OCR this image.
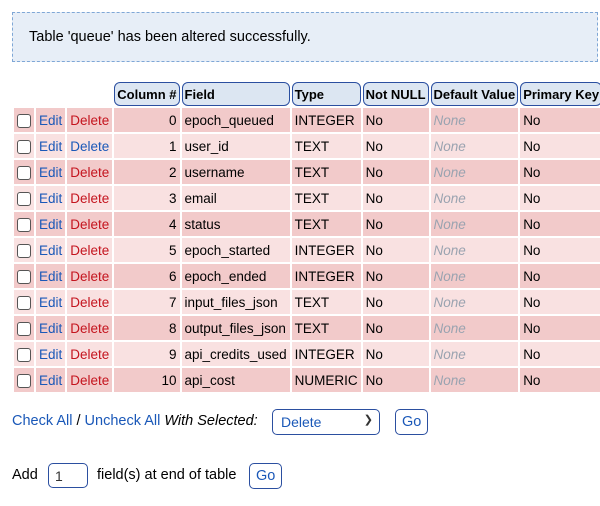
Table 'queue' has been altered successfully.
			Column #	Field	Type	Not NULL	Default Value	Primary Key
	Edit	Delete	0	epoch_queued	INTEGER	No	None	No
	Edit	Delete	1	user_id	TEXT	No	None	No
	Edit	Delete	2	username	TEXT	No	None	No
	Edit	Delete	3	email	TEXT	No	None	No
	Edit	Delete	4	status	TEXT	No	None	No
	Edit	Delete	5	epoch_started	INTEGER	No	None	No
	Edit	Delete	6	epoch_ended	INTEGER	No	None	No
	Edit	Delete	7	input_files_json	TEXT	No	None	No
	Edit	Delete	8	output_files_json	TEXT	No	None	No
	Edit	Delete	9	api_credits_used	INTEGER	No	None	No
	Edit	Delete	10	api_cost	NUMERIC	No	None	No
Check All / Uncheck All With Selected:	Delete	❯	Go
Add	1	field(s) at end of table	Go
